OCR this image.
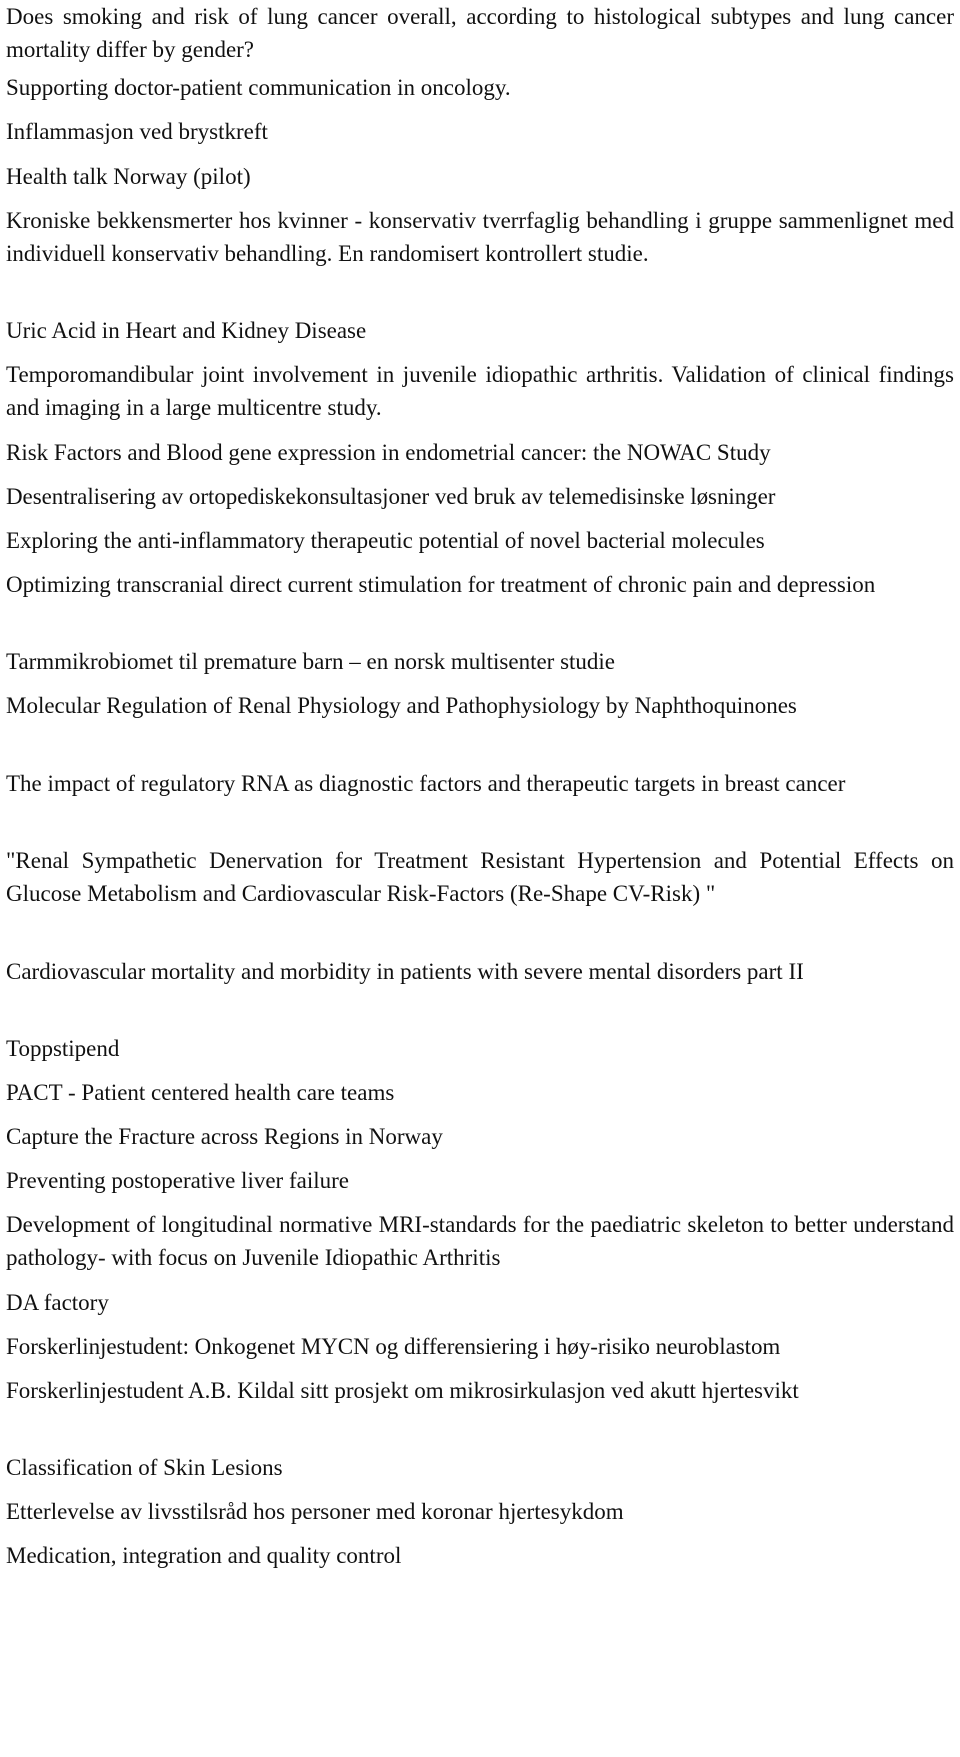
Does smoking and risk of lung cancer overall, according to histological subtypes and lung cancer mortality differ by gender?

Supporting doctor-patient communication in oncology.

Inflammasjon ved brystkreft

Health talk Norway (pilot)

Kroniske bekkensmerter hos kvinner - konservativ tverrfaglig behandling i gruppe sammenlignet med individuell konservativ behandling. En randomisert kontrollert studie.

Uric Acid in Heart and Kidney Disease

Temporomandibular joint involvement in juvenile idiopathic arthritis. Validation of clinical findings and imaging in a large multicentre study.

Risk Factors and Blood gene expression in endometrial cancer: the NOWAC Study

Desentralisering av ortopediskekonsultasjoner ved bruk av telemedisinske løsninger

Exploring the anti-inflammatory therapeutic potential of novel bacterial molecules

Optimizing transcranial direct current stimulation for treatment of chronic pain and depression

Tarmmikrobiomet til premature barn – en norsk multisenter studie

Molecular Regulation of Renal Physiology and Pathophysiology by Naphthoquinones

The impact of regulatory RNA as diagnostic factors and therapeutic targets in breast cancer

"Renal Sympathetic Denervation for Treatment Resistant Hypertension and Potential Effects on Glucose Metabolism and Cardiovascular Risk-Factors (Re-Shape CV-Risk) "

Cardiovascular mortality and morbidity in patients with severe mental disorders part II

Toppstipend

PACT - Patient centered health care teams

Capture the Fracture across Regions in Norway

Preventing postoperative liver failure

Development of longitudinal normative MRI-standards for the paediatric skeleton to better understand pathology- with focus on Juvenile Idiopathic Arthritis

DA factory

Forskerlinjestudent: Onkogenet MYCN og differensiering i høy-risiko neuroblastom

Forskerlinjestudent A.B. Kildal sitt prosjekt om mikrosirkulasjon ved akutt hjertesvikt

Classification of Skin Lesions

Etterlevelse av livsstilsråd hos personer med koronar hjertesykdom

Medication, integration and quality control
